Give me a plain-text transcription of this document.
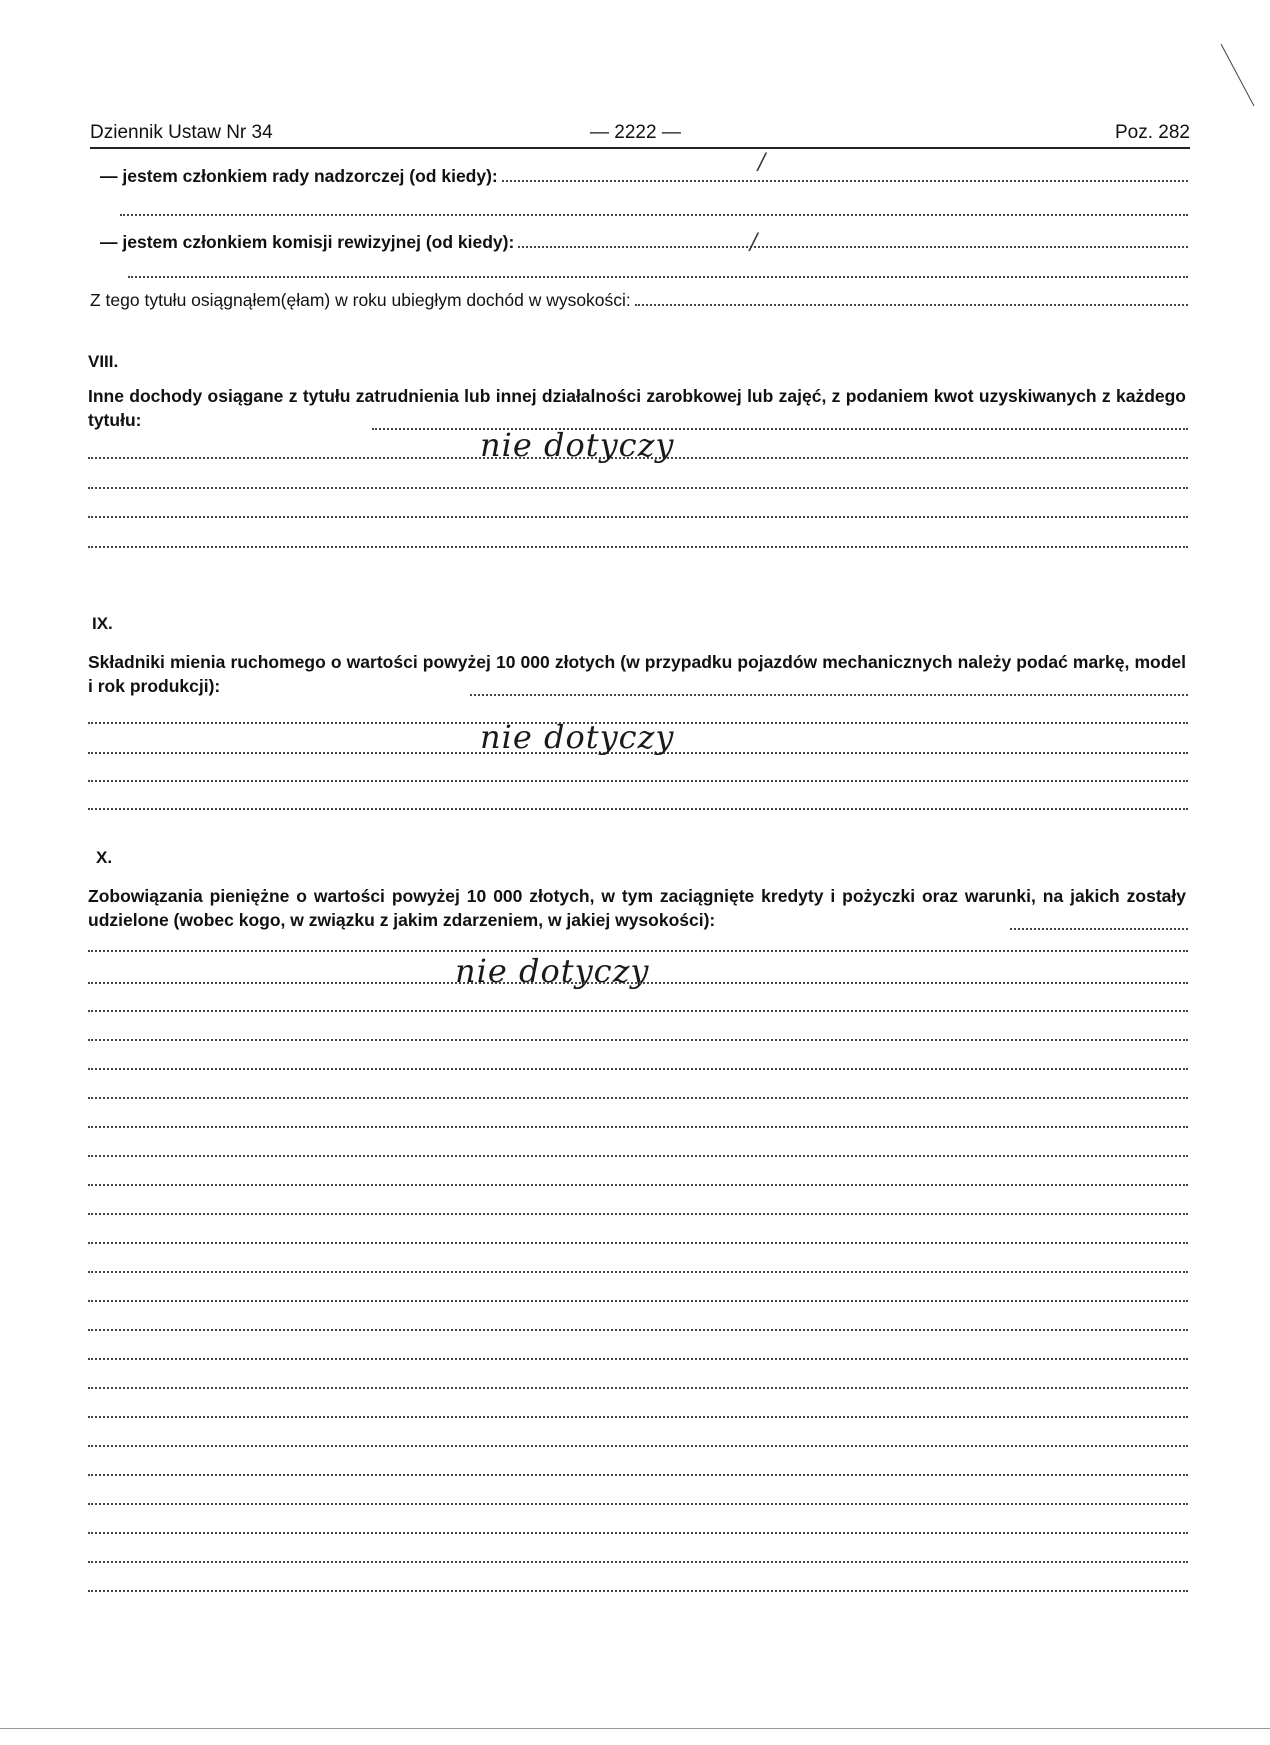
Dziennik Ustaw Nr 34	— 2222 —	Poz. 282
— jestem członkiem rady nadzorczej (od kiedy):
/
— jestem członkiem komisji rewizyjnej (od kiedy):	/
Z tego tytułu osiągnąłem(ęłam) w roku ubiegłym dochód w wysokości:
VIII.
Inne dochody osiągane z tytułu zatrudnienia lub innej działalności zarobkowej lub zajęć, z podaniem kwot uzyskiwanych z każdego tytułu:
nie dotyczy
IX.
Składniki mienia ruchomego o wartości powyżej 10 000 złotych (w przypadku pojazdów mechanicznych należy podać markę, model i rok produkcji):
nie dotyczy
X.
Zobowiązania pieniężne o wartości powyżej 10 000 złotych, w tym zaciągnięte kredyty i pożyczki oraz warunki, na jakich zostały udzielone (wobec kogo, w związku z jakim zdarzeniem, w jakiej wysokości):
nie dotyczy
